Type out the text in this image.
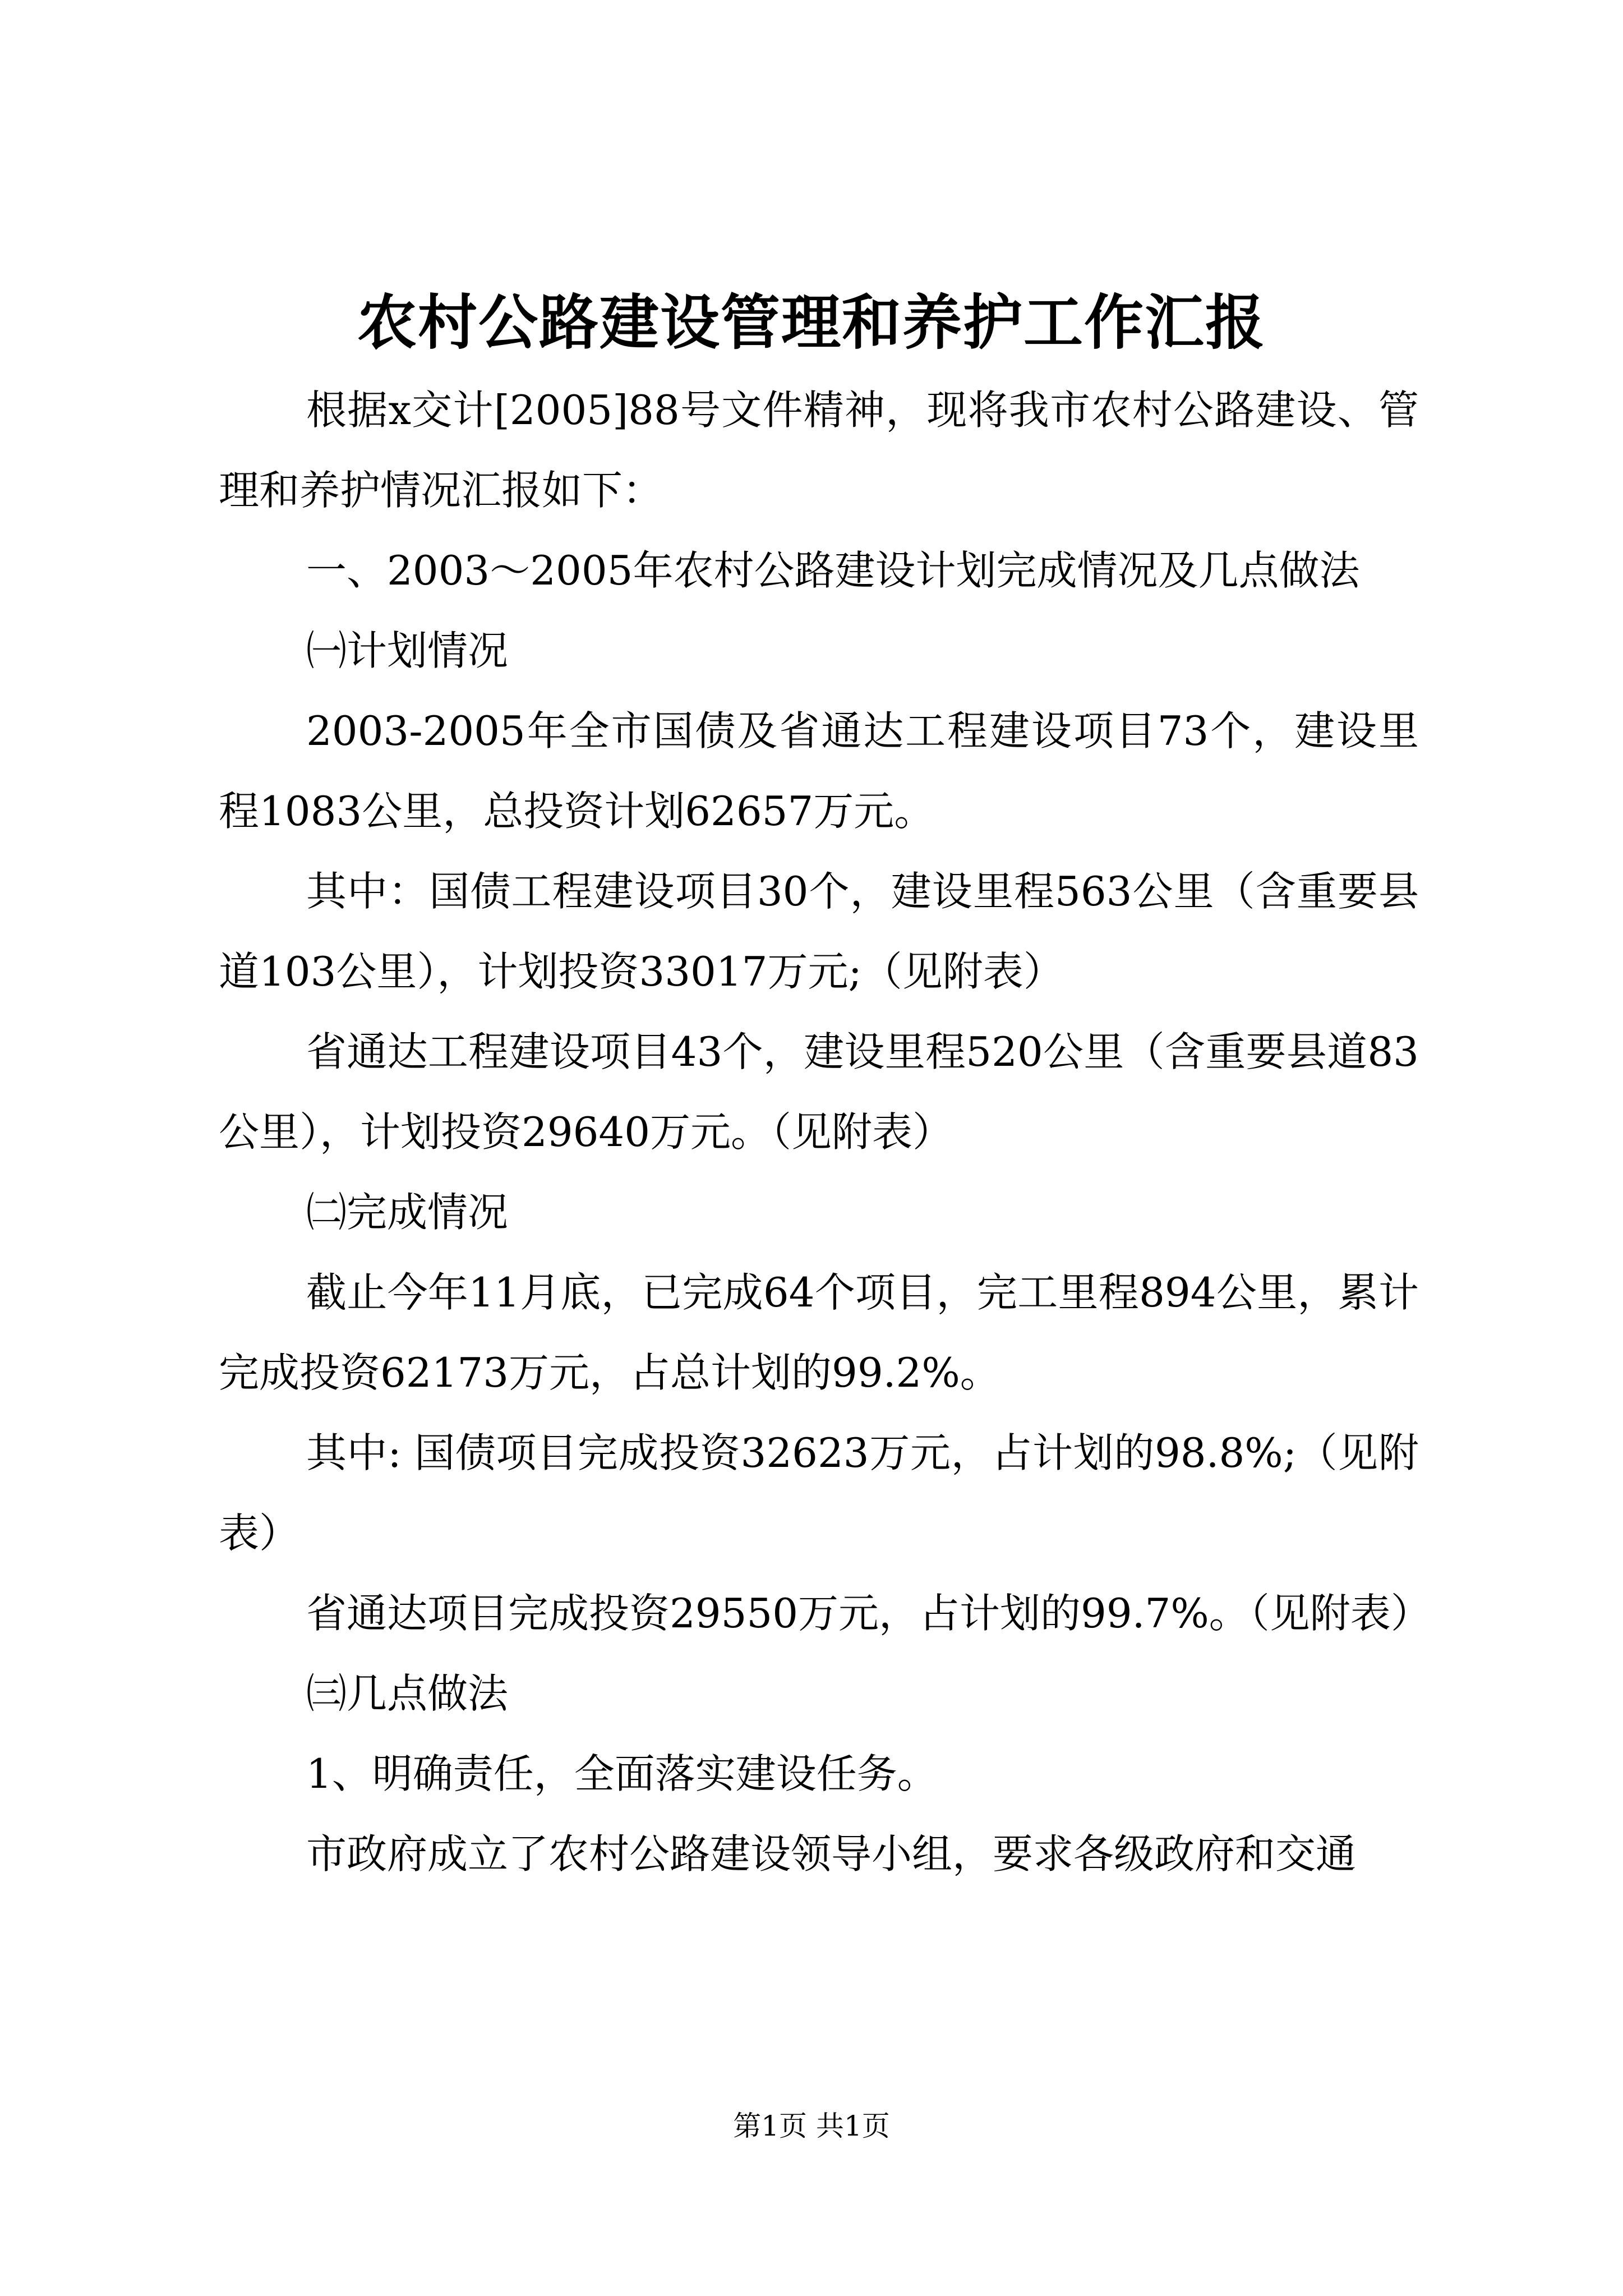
农村公路建设管理和养护工作汇报

根据x交计[2005]88号文件精神，现将我市农村公路建设、管理和养护情况汇报如下：

一、2003～2005年农村公路建设计划完成情况及几点做法

㈠计划情况

2003-2005年全市国债及省通达工程建设项目73个，建设里程1083公里，总投资计划62657万元。

其中：国债工程建设项目30个，建设里程563公里（含重要县道103公里），计划投资33017万元;（见附表）

省通达工程建设项目43个，建设里程520公里（含重要县道83公里），计划投资29640万元。（见附表）

㈡完成情况

截止今年11月底，已完成64个项目，完工里程894公里，累计完成投资62173万元，占总计划的99.2%。

其中: 国债项目完成投资32623万元，占计划的98.8%;（见附表）

省通达项目完成投资29550万元，占计划的99.7%。（见附表）

㈢几点做法

1、明确责任，全面落实建设任务。

市政府成立了农村公路建设领导小组，要求各级政府和交通

第1页 共1页
